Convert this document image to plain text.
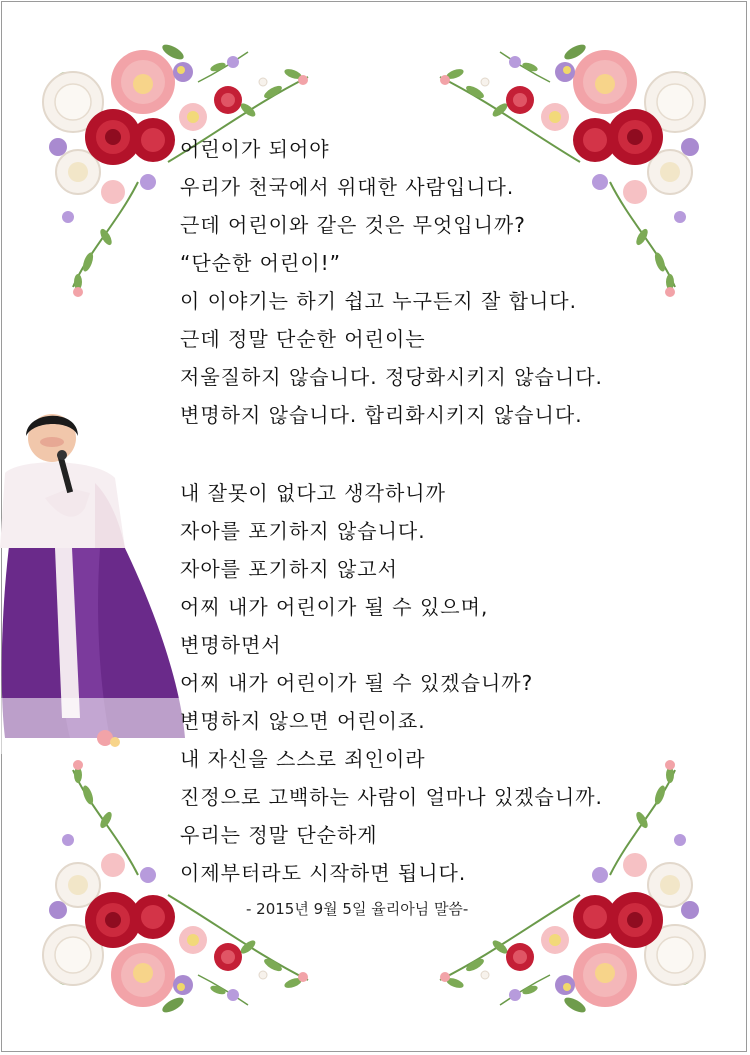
어린이가 되어야
우리가 천국에서 위대한 사람입니다.
근데 어린이와 같은 것은 무엇입니까?
“단순한 어린이!”
이 이야기는 하기 쉽고 누구든지 잘 합니다.
근데 정말 단순한 어린이는
저울질하지 않습니다. 정당화시키지 않습니다.
변명하지 않습니다. 합리화시키지 않습니다.
내 잘못이 없다고 생각하니까
자아를 포기하지 않습니다.
자아를 포기하지 않고서
어찌 내가 어린이가 될 수 있으며,
변명하면서
어찌 내가 어린이가 될 수 있겠습니까?
변명하지 않으면 어린이죠.
내 자신을 스스로 죄인이라
진정으로 고백하는 사람이 얼마나 있겠습니까.
우리는 정말 단순하게
이제부터라도 시작하면 됩니다.
- 2015년 9월 5일 율리아님 말씀-
